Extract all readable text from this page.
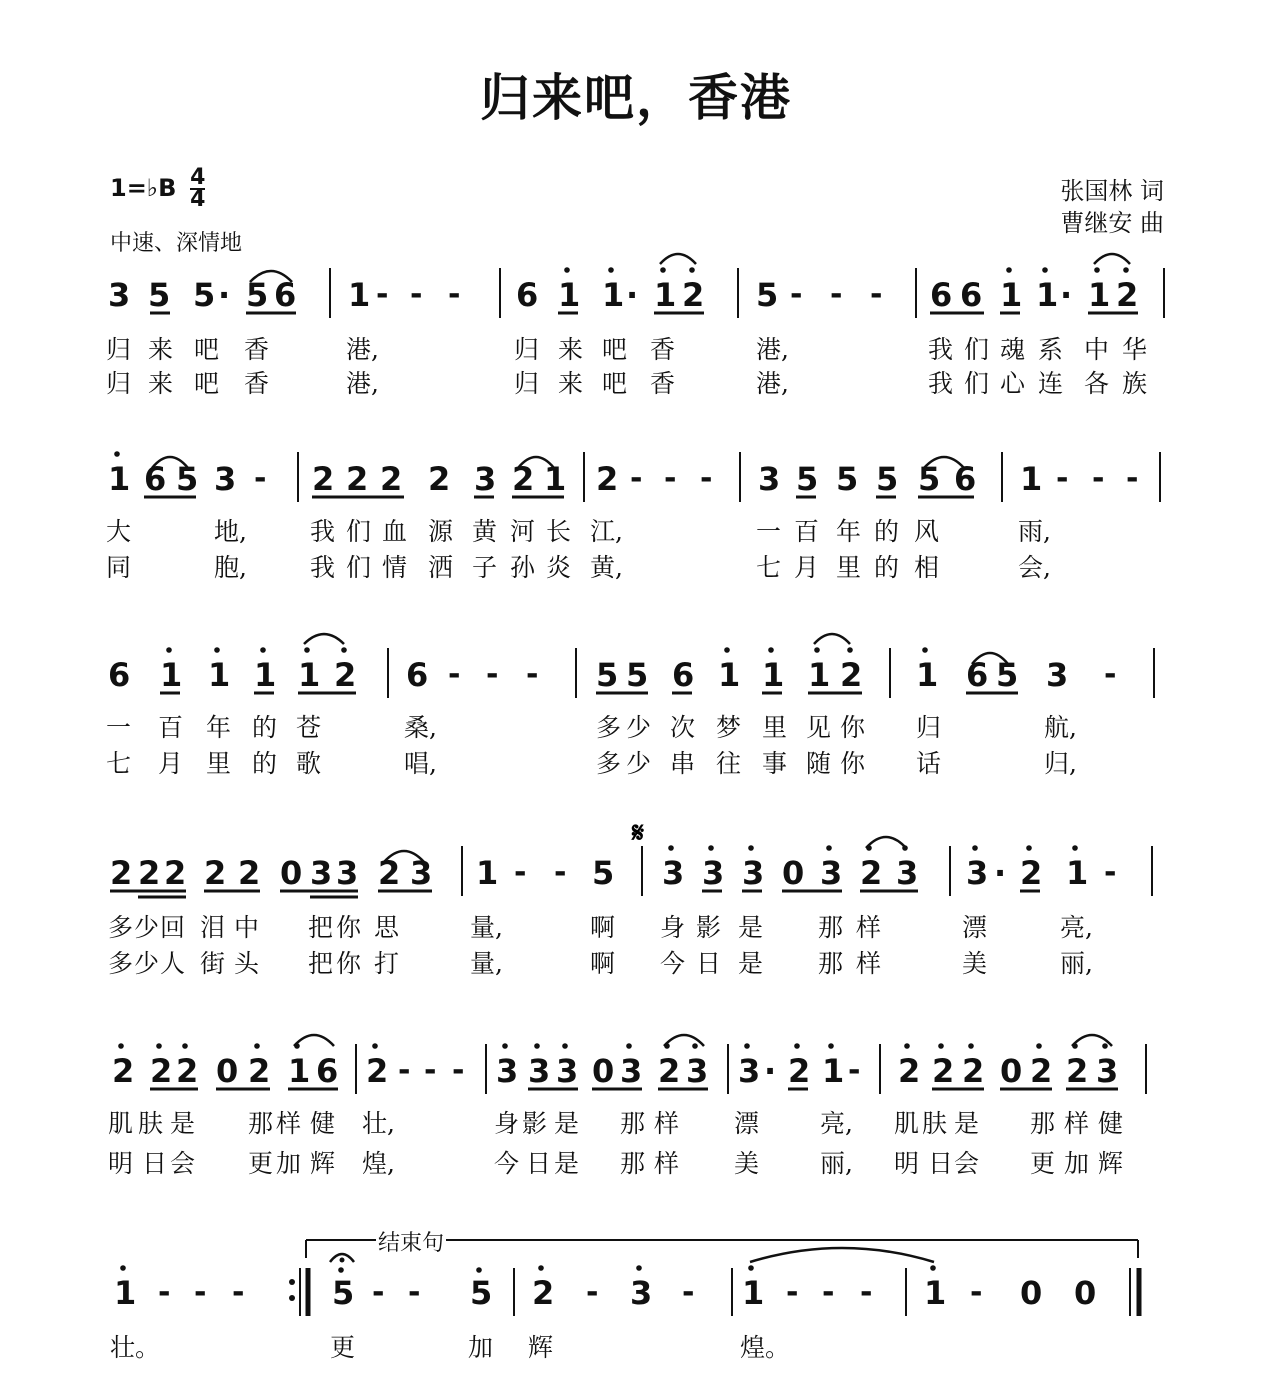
归来吧，香港
1=♭B $\frac{4}{4}$
中速、深情地
张国林 词
曹继安 曲
3 5 5 · 5 6 1 - - - 6 1 1 · 1 2 5 - - - 6 6 1 1 · 1 2
归 来 吧 香	港,	归 来 吧 香	港,	我 们 魂 系 中 华
归 来 吧 香	港,	归 来 吧 香	港,	我 们 心 连 各 族
1 6 5 3 - 2 2 2 2 3 2 1 2 - - - 3 5 5 5 5 6 1 - - -
大	地,	我 们 血 源 黄 河 长 江,	一 百 年 的 风	雨,
同	胞,	我 们 情 洒 子 孙 炎 黄,	七 月 里 的 相	会,
6 1 1 1 1 2 6 - - - 5 5 6 1 1 1 2 1 6 5 3 -
一 百 年 的 苍	桑,	多 少 次 梦 里 见 你 归	航,
七 月 里 的 歌	唱,	多 少 串 往 事 随 你 话	归,
𝄋
2 2 2 2 2 0 3 3 2 3 1 - - 5 3 3 3 0 3 2 3 3 · 2 1 -
多 少 回 泪 中 把 你 思	量,	啊 身 影 是 那 样	漂	亮,
多 少 人 街 头 把 你 打	量,	啊 今 日 是 那 样	美	丽,
2 2 2 0 2 1 6 2 - - - 3 3 3 0 3 2 3 3 · 2 1 - 2 2 2 0 2 2 3
肌 肤 是 那 样 健 壮,	身 影 是 那 样 漂 亮, 肌 肤 是 那 样 健
明 日 会 更 加 辉 煌,	今 日 是 那 样 美 丽, 明 日 会 更 加 辉
1 - - -	5 - - 5 2 - 3 - 1 - - - 1 - 0 0
结束句
壮。	更	加 辉	煌。
